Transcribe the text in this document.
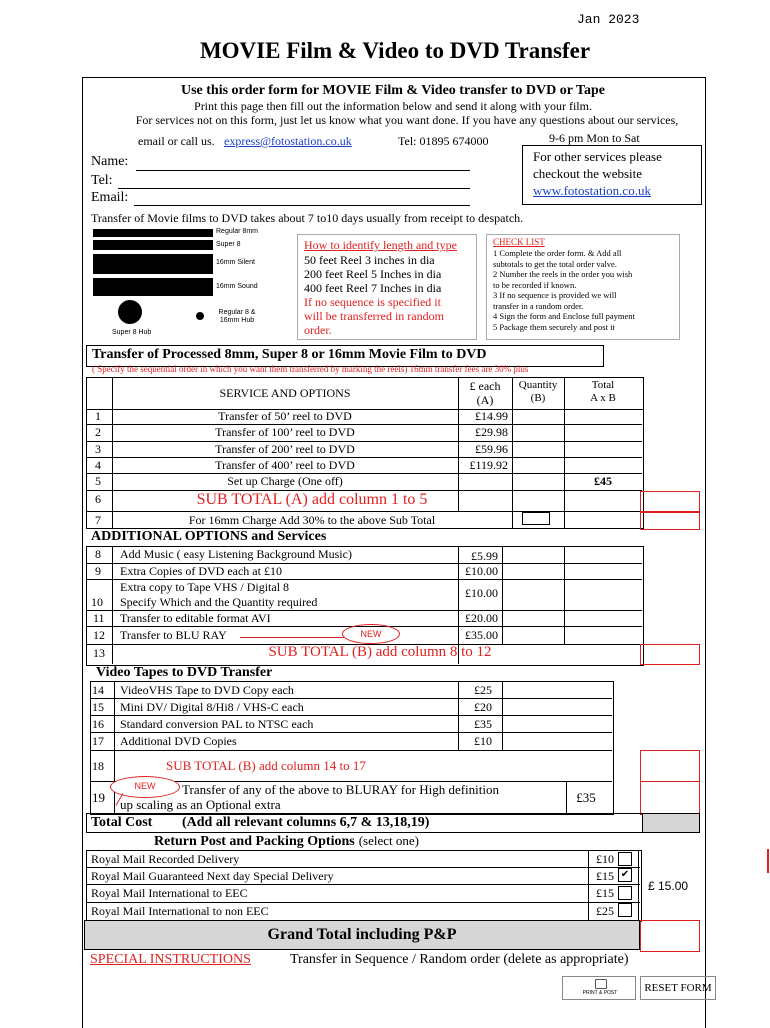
Jan 2023
MOVIE Film & Video to DVD Transfer
Use this order form for MOVIE Film & Video transfer to DVD or Tape
Print this page then fill out the information below and send it along with your film.
For services not on this form, just let us know what you want done. If you have any questions about our services,
email or call us. express@fotostation.co.uk	Tel: 01895 674000	9-6 pm Mon to Sat
Name:
Tel:
Email:
For other services please
checkout the website
www.fotostation.co.uk
Transfer of Movie films to DVD takes about 7 to10 days usually from receipt to despatch.
Regular 8mm
Super 8
16mm Silent
16mm Sound
Super 8 Hub
Regular 8 & 16mm Hub
How to identify length and type
50 feet Reel 3 inches in dia
200 feet Reel 5 Inches in dia
400 feet Reel 7 Inches in dia
If no sequence is specified it
will be transferred in random
order.
CHECK LIST
1 Complete the order form. & Add all
subtotals to get the total order valve.
2 Number the reels in the order you wish
to be recorded if known.
3 If no sequence is provided we will
transfer in a random order.
4 Sign the form and Enclose full payment
5 Package them securely and post it
Transfer of Processed 8mm, Super 8 or 16mm Movie Film to DVD
( Specify the sequential order in which you want them transferred by marking the reels) 16mm transfer fees are 30% plus
SERVICE AND OPTIONS	£ each
(A)
Quantity
(B)
Total
A x B
1	Transfer of 50’ reel to DVD	£14.99
2	Transfer of 100’ reel to DVD	£29.98
3	Transfer of 200’ reel to DVD	£59.96
4	Transfer of 400’ reel to DVD	£119.92
5	Set up Charge (One off)	£45
6	SUB TOTAL (A) add column 1 to 5
7	For 16mm Charge Add 30% to the above Sub Total
ADDITIONAL OPTIONS and Services
8 Add Music ( easy Listening Background Music)	£5.99
9 Extra Copies of DVD each at £10	£10.00
10
Extra copy to Tape VHS / Digital 8
Specify Which and the Quantity required
£10.00
11 Transfer to editable format AVI	£20.00
12 Transfer to BLU RAY	NEW	£35.00
13	SUB TOTAL (B) add column 8 to 12
Video Tapes to DVD Transfer
14 VideoVHS Tape to DVD Copy each	£25
15 Mini DV/ Digital 8/Hi8 / VHS-C each	£20
16 Standard conversion PAL to NTSC each	£35
17 Additional DVD Copies	£10
18	SUB TOTAL (B) add column 14 to 17
19
NEW	Transfer of any of the above to BLURAY for High definition
up scaling as an Optional extra	£35
Total Cost (Add all relevant columns 6,7 & 13,18,19)
Return Post and Packing Options (select one)
Royal Mail Recorded Delivery	£10
Royal Mail Guaranteed Next day Special Delivery	£15 ✔
Royal Mail International to EEC	£15
Royal Mail International to non EEC	£25
£ 15.00
Grand Total including P&P
SPECIAL INSTRUCTIONS	Transfer in Sequence / Random order (delete as appropriate)
PRINT & POST	RESET FORM
